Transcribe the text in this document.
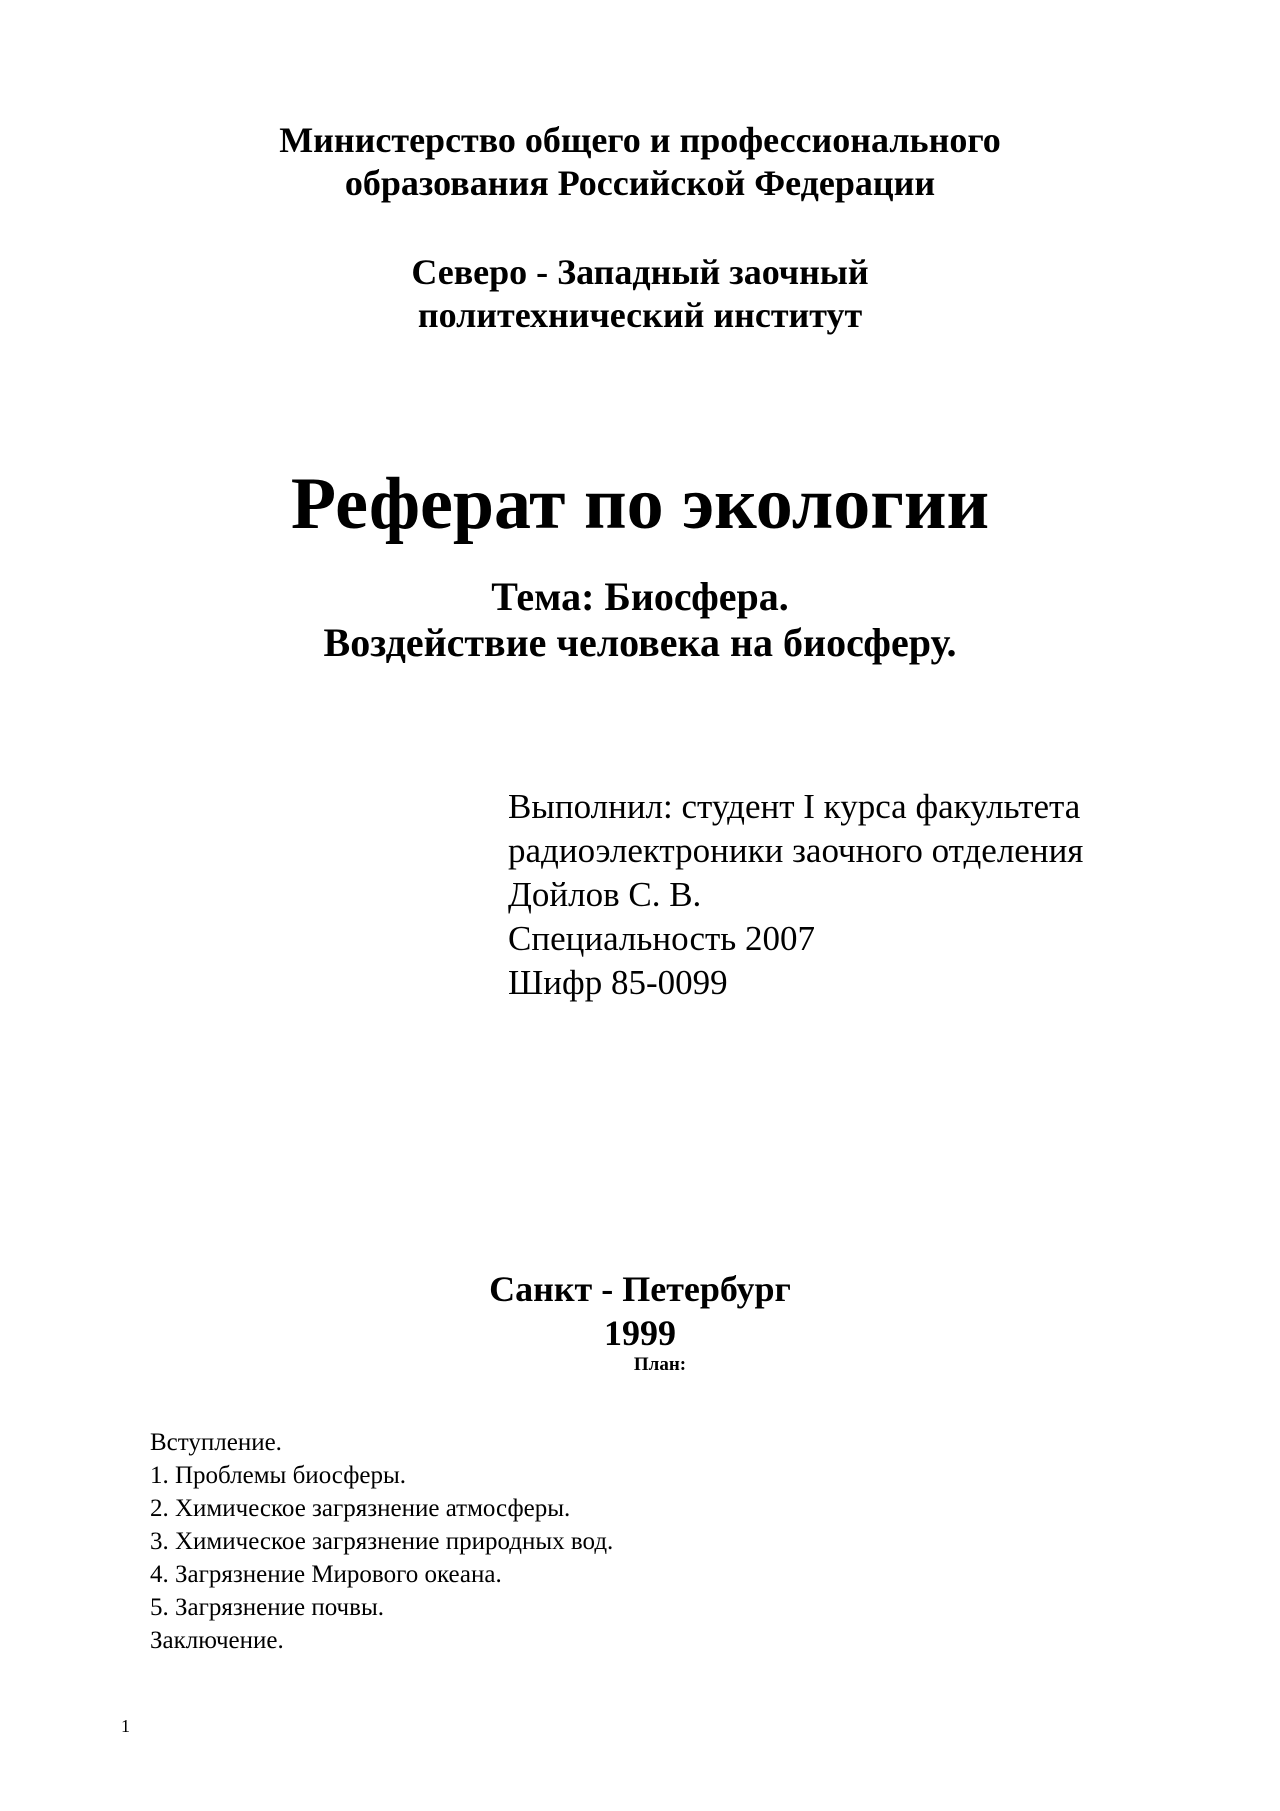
Министерство общего и профессионального
образования Российской Федерации
Северо - Западный заочный
политехнический институт
Реферат по экологии
Тема: Биосфера.
Воздействие человека на биосферу.
Выполнил: студент I курса факультета
радиоэлектроники заочного отделения
Дойлов С. В.
Специальность 2007
Шифр 85-0099
Санкт - Петербург
1999
План:
Вступление.
1. Проблемы биосферы.
2. Химическое загрязнение атмосферы.
3. Химическое загрязнение природных вод.
4. Загрязнение Мирового океана.
5. Загрязнение почвы.
Заключение.
1
